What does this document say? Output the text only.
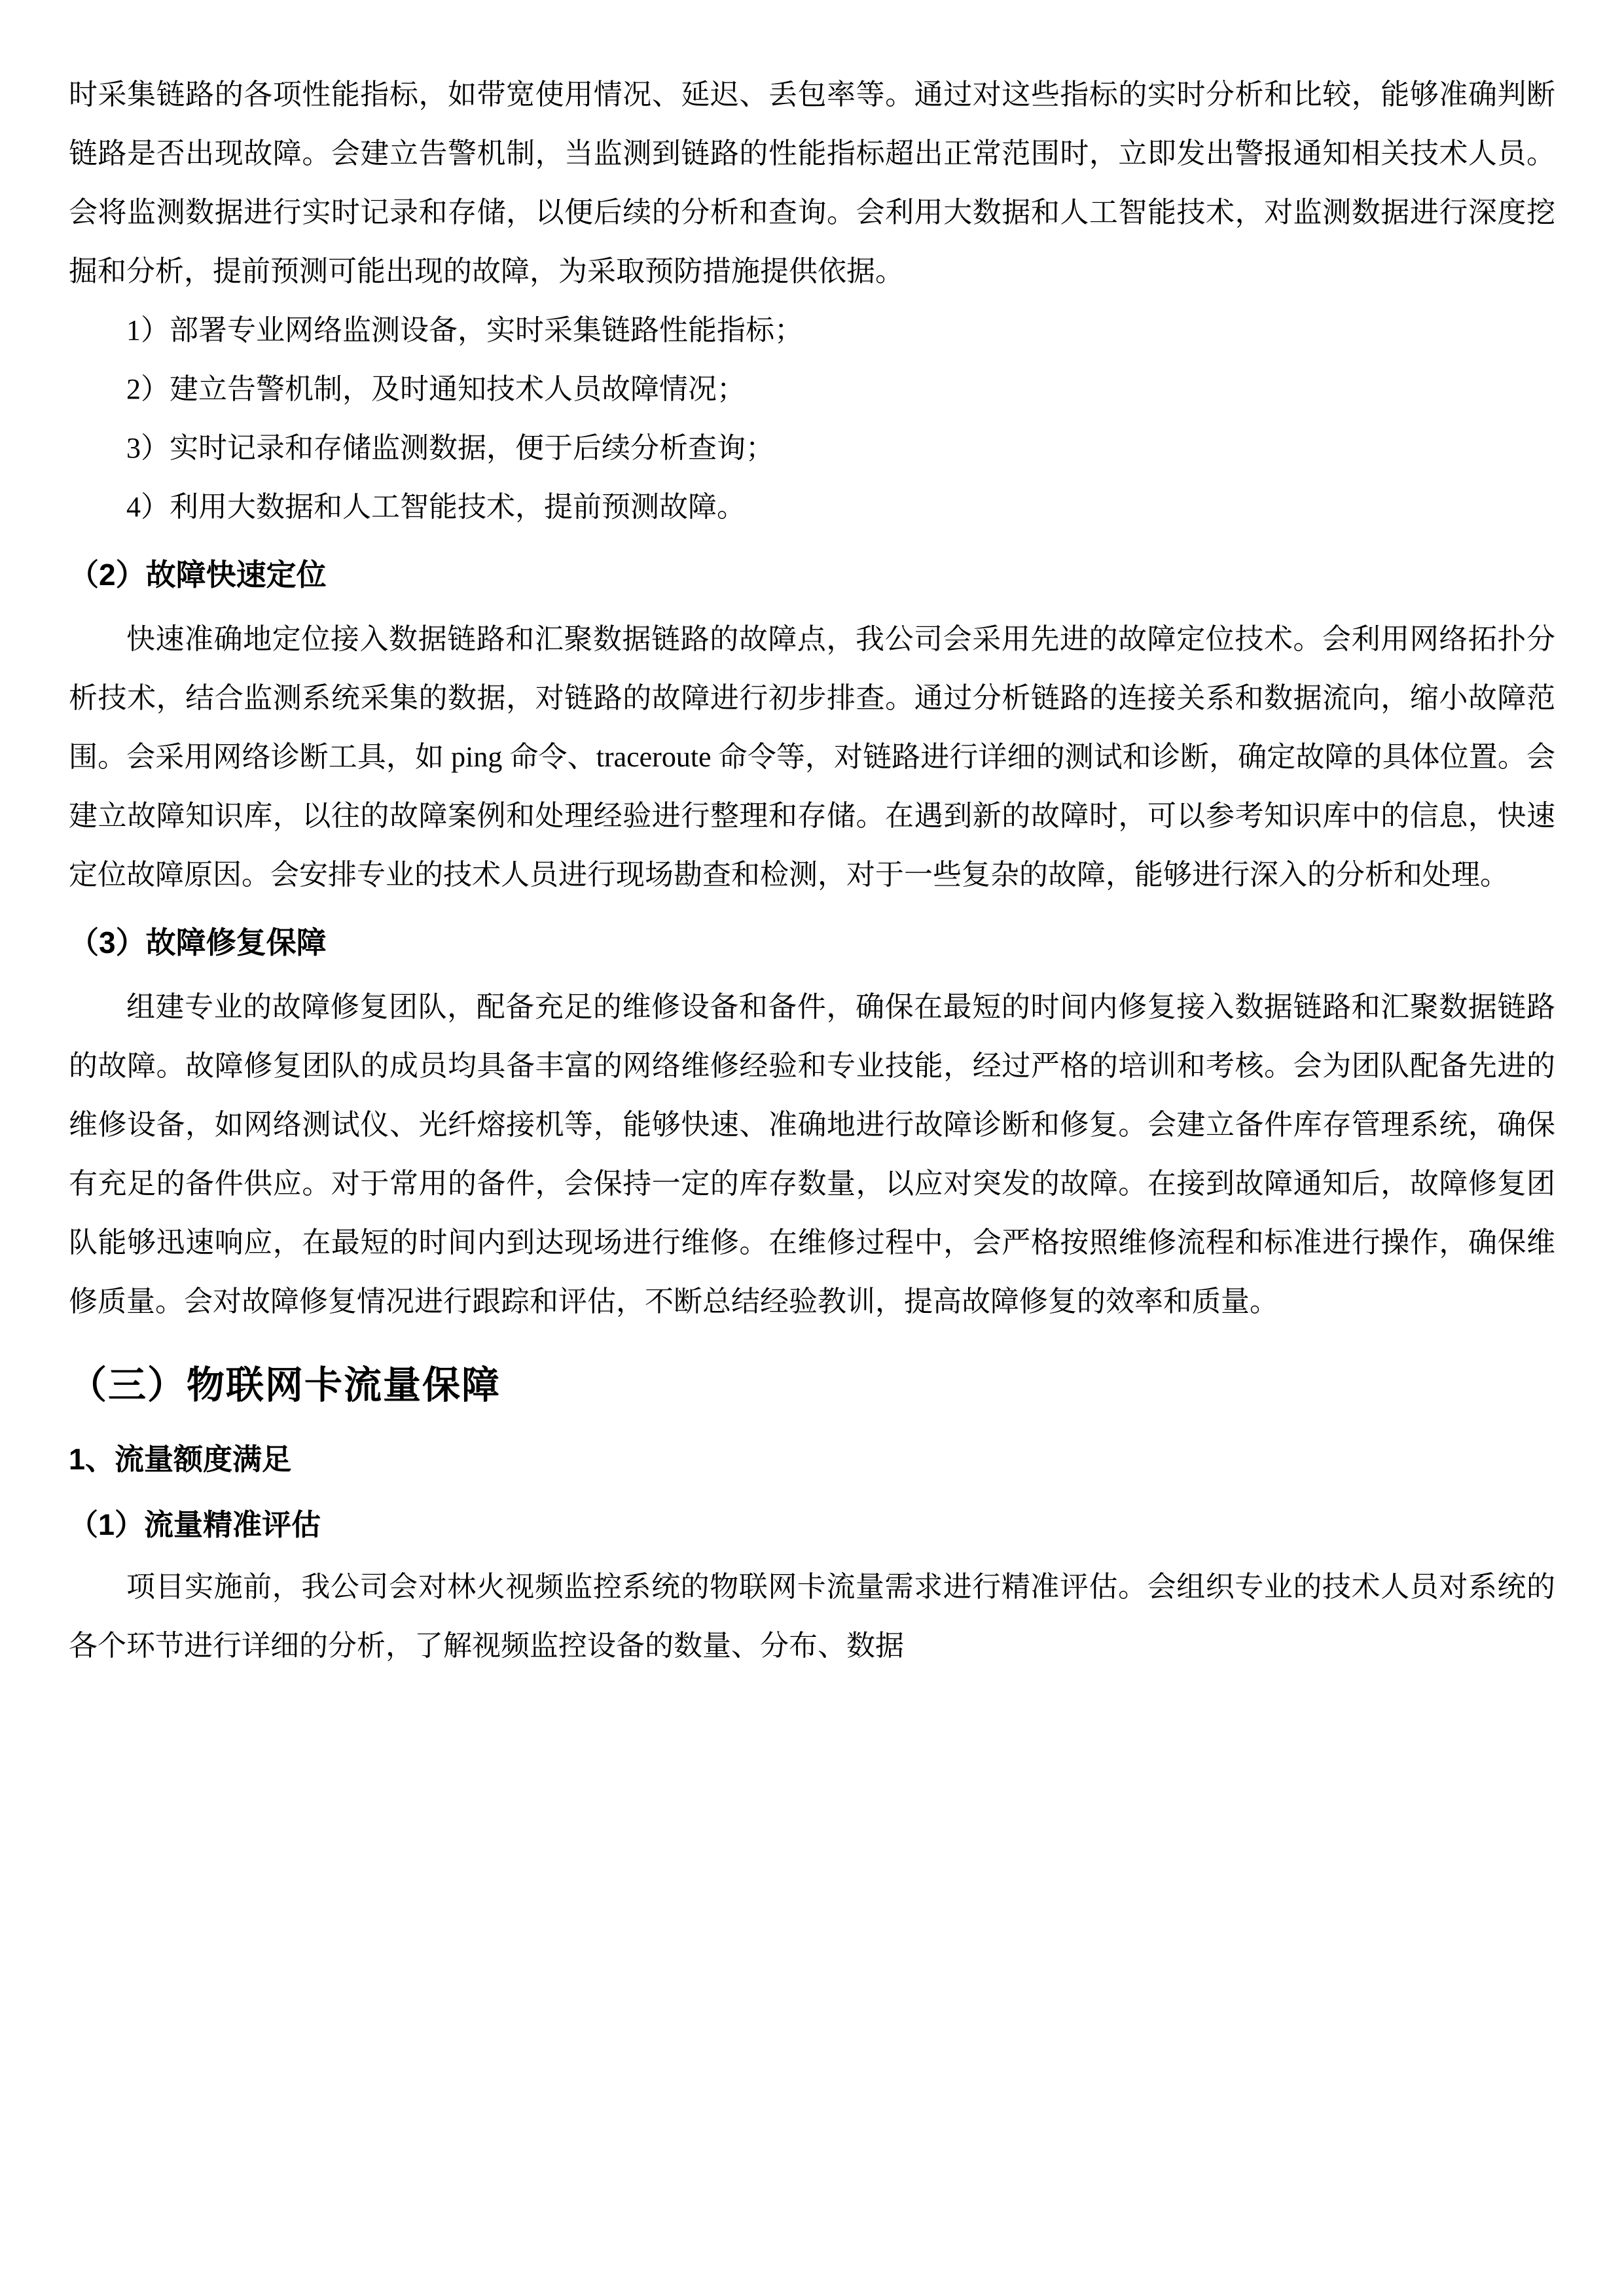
时采集链路的各项性能指标，如带宽使用情况、延迟、丢包率等。通过对这些指标的实时分析和比较，能够准确判断链路是否出现故障。会建立告警机制，当监测到链路的性能指标超出正常范围时，立即发出警报通知相关技术人员。会将监测数据进行实时记录和存储，以便后续的分析和查询。会利用大数据和人工智能技术，对监测数据进行深度挖掘和分析，提前预测可能出现的故障，为采取预防措施提供依据。

1）部署专业网络监测设备，实时采集链路性能指标；
2）建立告警机制，及时通知技术人员故障情况；
3）实时记录和存储监测数据，便于后续分析查询；
4）利用大数据和人工智能技术，提前预测故障。
（2）故障快速定位

快速准确地定位接入数据链路和汇聚数据链路的故障点，我公司会采用先进的故障定位技术。会利用网络拓扑分析技术，结合监测系统采集的数据，对链路的故障进行初步排查。通过分析链路的连接关系和数据流向，缩小故障范围。会采用网络诊断工具，如 ping 命令、traceroute 命令等，对链路进行详细的测试和诊断，确定故障的具体位置。会建立故障知识库，以往的故障案例和处理经验进行整理和存储。在遇到新的故障时，可以参考知识库中的信息，快速定位故障原因。会安排专业的技术人员进行现场勘查和检测，对于一些复杂的故障，能够进行深入的分析和处理。

（3）故障修复保障

组建专业的故障修复团队，配备充足的维修设备和备件，确保在最短的时间内修复接入数据链路和汇聚数据链路的故障。故障修复团队的成员均具备丰富的网络维修经验和专业技能，经过严格的培训和考核。会为团队配备先进的维修设备，如网络测试仪、光纤熔接机等，能够快速、准确地进行故障诊断和修复。会建立备件库存管理系统，确保有充足的备件供应。对于常用的备件，会保持一定的库存数量，以应对突发的故障。在接到故障通知后，故障修复团队能够迅速响应，在最短的时间内到达现场进行维修。在维修过程中，会严格按照维修流程和标准进行操作，确保维修质量。会对故障修复情况进行跟踪和评估，不断总结经验教训，提高故障修复的效率和质量。

（三）物联网卡流量保障
1、流量额度满足
（1）流量精准评估

项目实施前，我公司会对林火视频监控系统的物联网卡流量需求进行精准评估。会组织专业的技术人员对系统的各个环节进行详细的分析，了解视频监控设备的数量、分布、数据
